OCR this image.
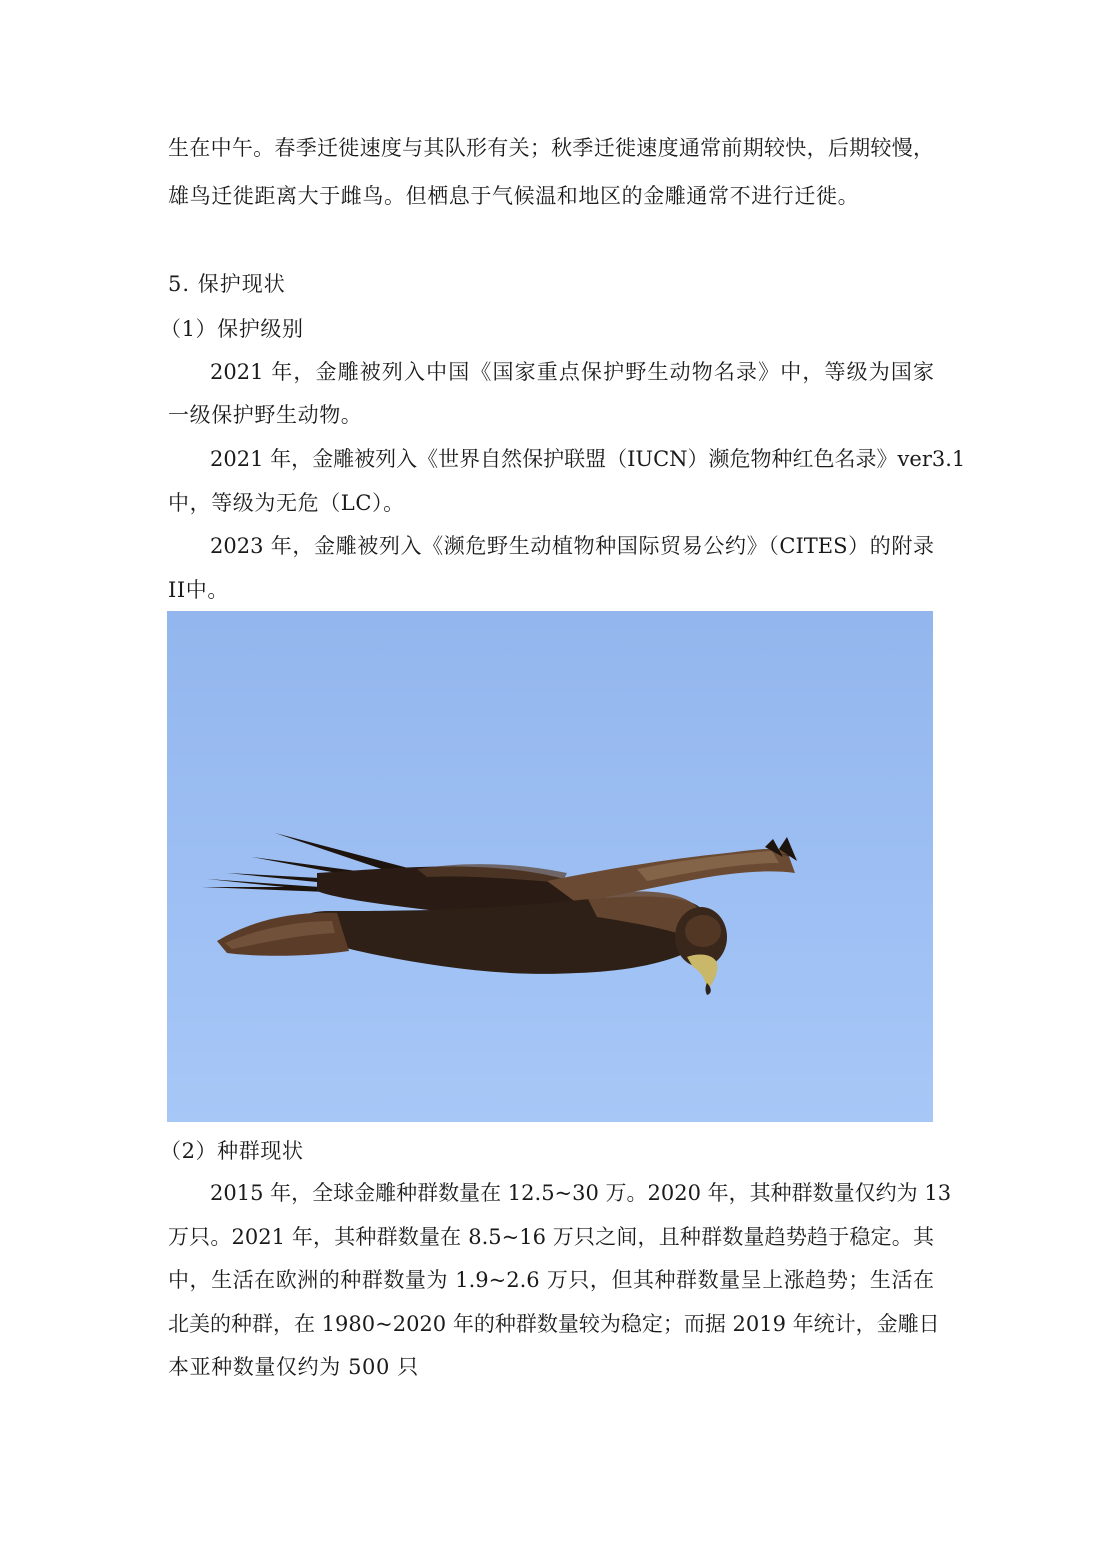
生在中午。春季迁徙速度与其队形有关；秋季迁徙速度通常前期较快，后期较慢，
雄鸟迁徙距离大于雌鸟。但栖息于气候温和地区的金雕通常不进行迁徙。
5. 保护现状
（1）保护级别
2021 年，金雕被列入中国《国家重点保护野生动物名录》中，等级为国家
一级保护野生动物。
2021 年，金雕被列入《世界自然保护联盟（IUCN）濒危物种红色名录》ver3.1
中，等级为无危（LC）。
2023 年，金雕被列入《濒危野生动植物种国际贸易公约》（CITES）的附录
II中。
（2）种群现状
2015 年，全球金雕种群数量在 12.5~30 万。2020 年，其种群数量仅约为 13
万只。2021 年，其种群数量在 8.5~16 万只之间，且种群数量趋势趋于稳定。其
中，生活在欧洲的种群数量为 1.9~2.6 万只，但其种群数量呈上涨趋势；生活在
北美的种群，在 1980~2020 年的种群数量较为稳定；而据 2019 年统计，金雕日
本亚种数量仅约为 500 只
